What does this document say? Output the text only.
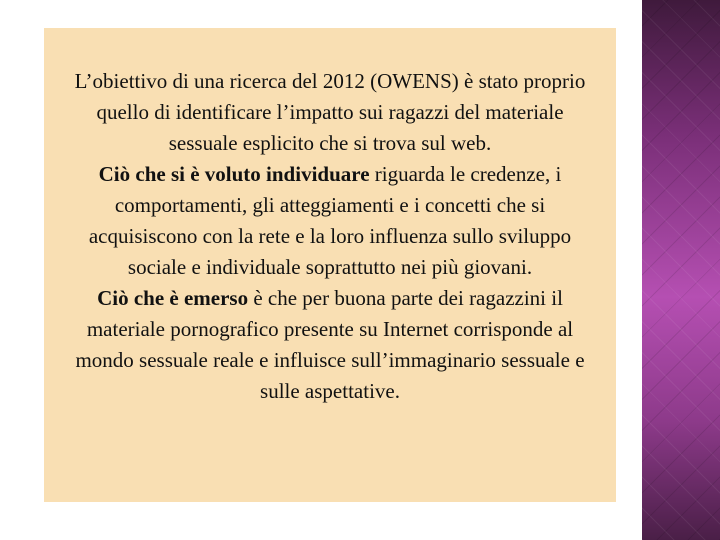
L’obiettivo di una ricerca del 2012 (OWENS) è stato proprio quello di identificare l’impatto sui ragazzi del materiale sessuale esplicito che si trova sul web.

Ciò che si è voluto individuare riguarda le credenze, i comportamenti, gli atteggiamenti e i concetti che si acquisiscono con la rete e la loro influenza sullo sviluppo sociale e individuale soprattutto nei più giovani.

Ciò che è emerso è che per buona parte dei ragazzini il materiale pornografico presente su Internet corrisponde al mondo sessuale reale e influisce sull’immaginario sessuale e sulle aspettative.
